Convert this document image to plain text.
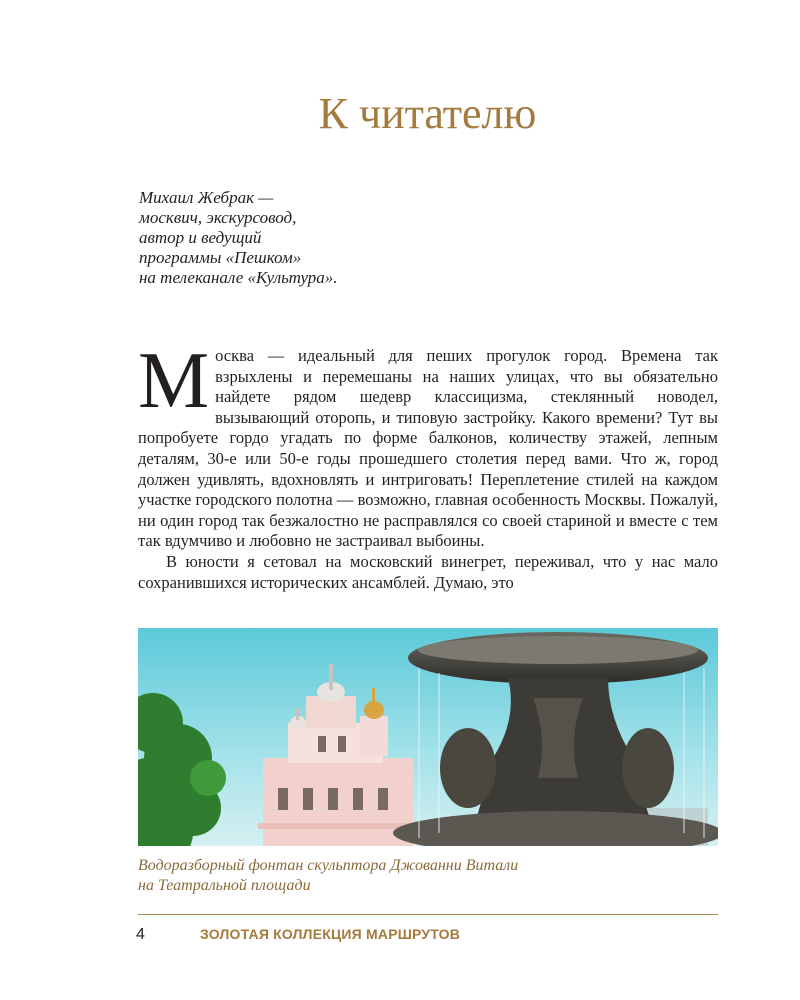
К читателю
Михаил Жебрак —
москвич, экскурсовод,
автор и ведущий
программы «Пешком»
на телеканале «Культура».

Москва — идеальный для пеших прогулок город. Времена так взрыхлены и перемешаны на наших улицах, что вы обязательно найдете рядом шедевр классицизма, стеклянный новодел, вызывающий оторопь, и типовую застройку. Какого времени? Тут вы попробуете гордо угадать по форме балконов, количеству этажей, лепным деталям, 30-е или 50-е годы прошедшего столетия перед вами. Что ж, город должен удивлять, вдохновлять и интриговать! Переплетение стилей на каждом участке городского полотна — возможно, главная особенность Москвы. Пожалуй, ни один город так безжалостно не расправлялся со своей стариной и вместе с тем так вдумчиво и любовно не застраивал выбоины.

В юности я сетовал на московский винегрет, переживал, что у нас мало сохранившихся исторических ансамблей. Думаю, это

Водоразборный фонтан скульптора Джованни Витали
на Театральной площади
4	ЗОЛОТАЯ КОЛЛЕКЦИЯ МАРШРУТОВ
